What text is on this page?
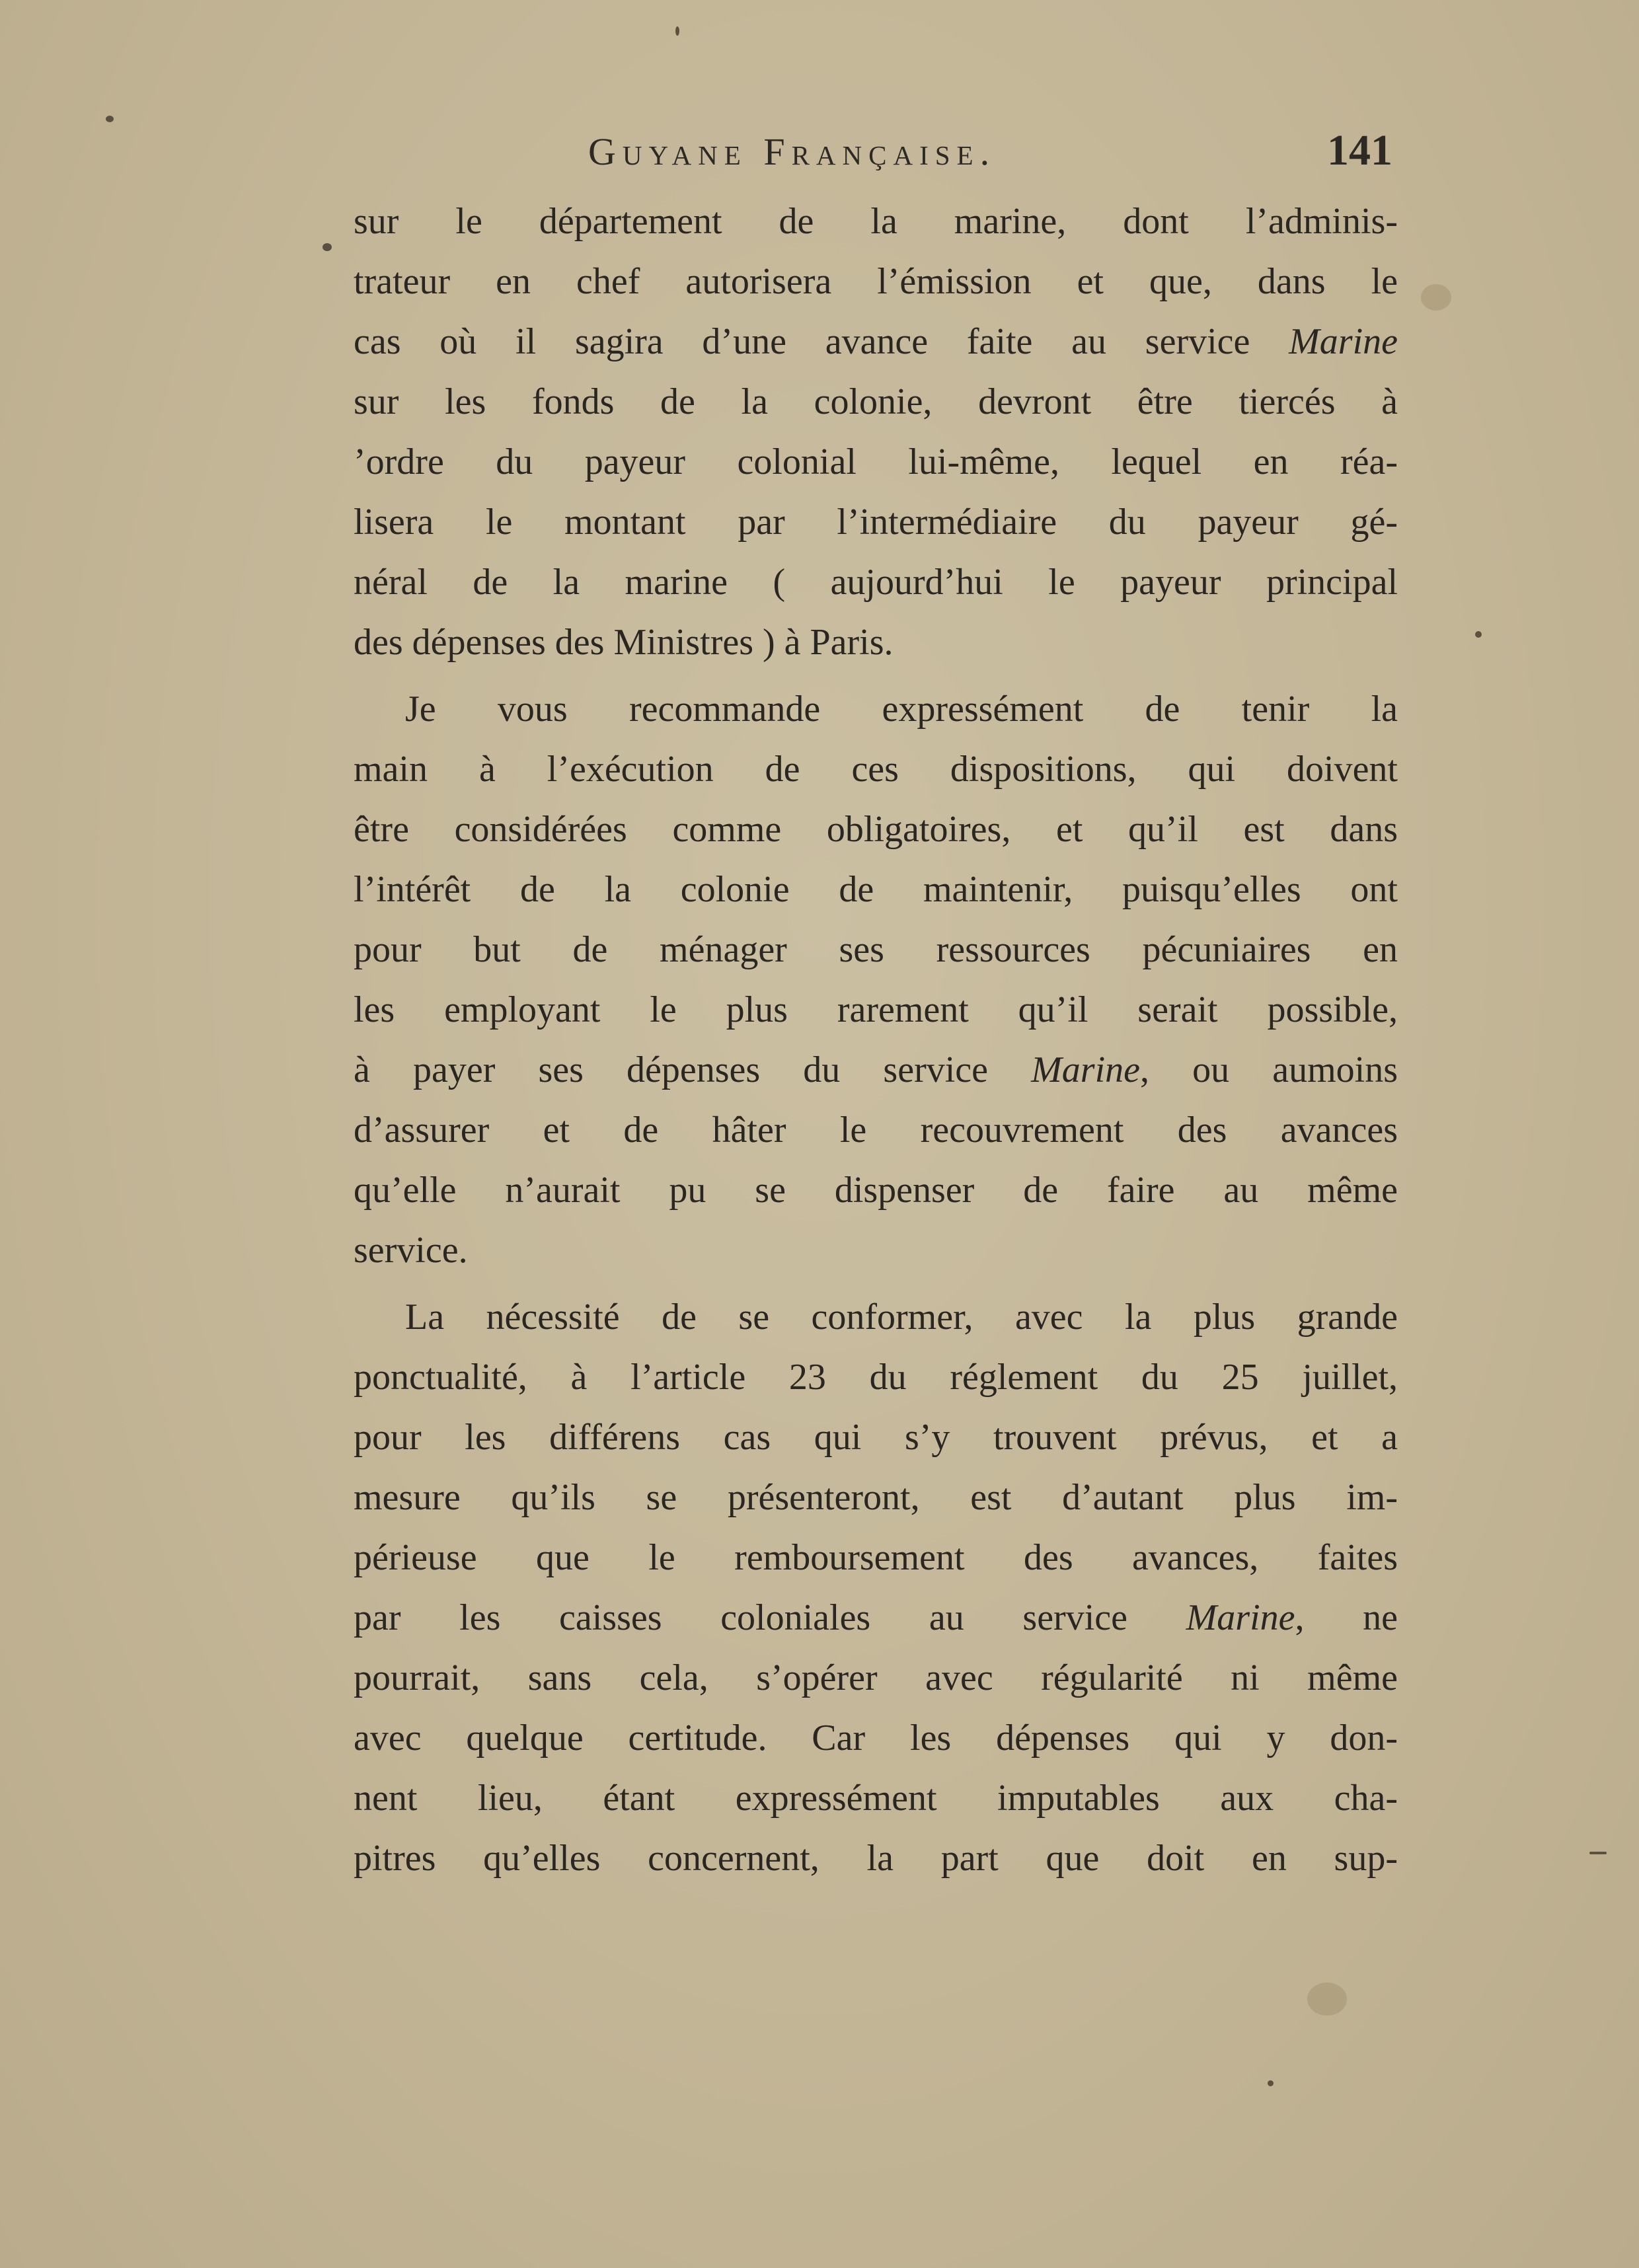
Guyane Française.	141
sur le département de la marine, dont l’adminis-
trateur en chef autorisera l’émission et que, dans le
cas où il sagira d’une avance faite au service Marine
sur les fonds de la colonie, devront être tiercés à
’ordre du payeur colonial lui-même, lequel en réa-
lisera le montant par l’intermédiaire du payeur gé-
néral de la marine ( aujourd’hui le payeur principal
des dépenses des Ministres ) à Paris.
Je vous recommande expressément de tenir la
main à l’exécution de ces dispositions, qui doivent
être considérées comme obligatoires, et qu’il est dans
l’intérêt de la colonie de maintenir, puisqu’elles ont
pour but de ménager ses ressources pécuniaires en
les employant le plus rarement qu’il serait possible,
à payer ses dépenses du service Marine, ou aumoins
d’assurer et de hâter le recouvrement des avances
qu’elle n’aurait pu se dispenser de faire au même
service.
La nécessité de se conformer, avec la plus grande
ponctualité, à l’article 23 du réglement du 25 juillet,
pour les différens cas qui s’y trouvent prévus, et a
mesure qu’ils se présenteront, est d’autant plus im-
périeuse que le remboursement des avances, faites
par les caisses coloniales au service Marine, ne
pourrait, sans cela, s’opérer avec régularité ni même
avec quelque certitude. Car les dépenses qui y don-
nent lieu, étant expressément imputables aux cha-
pitres qu’elles concernent, la part que doit en sup-
